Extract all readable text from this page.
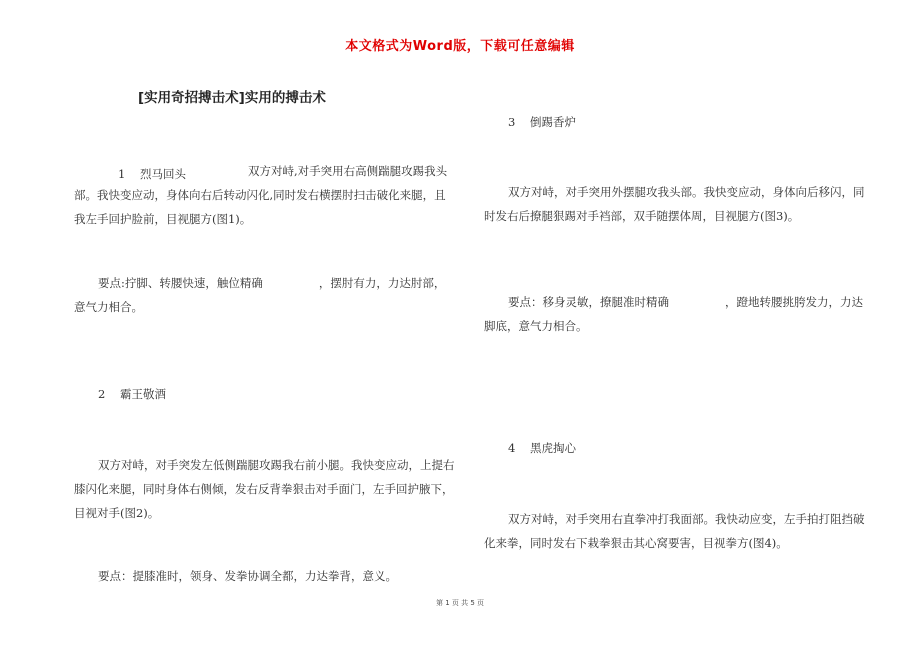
本文格式为Word版，下载可任意编辑
[实用奇招搏击术]实用的搏击术
1 烈马回头	双方对峙,对手突用右高侧踹腿攻踢我头部。我快变应动，身体向右后转动闪化,同时发右横摆肘扫击破化来腿，且我左手回护脸前，目视腿方(图1)。
要点:拧脚、转腰快速，触位精确	，摆肘有力，力达肘部，意气力相合。
2 霸王敬酒
双方对峙，对手突发左低侧踹腿攻踢我右前小腿。我快变应动，上提右膝闪化来腿，同时身体右侧倾，发右反背拳狠击对手面门，左手回护腋下，目视对手(图2)。
要点：提膝准时，领身、发拳协调全都，力达拳背，意义。
3 倒踢香炉
双方对峙，对手突用外摆腿攻我头部。我快变应动，身体向后移闪，同时发右后撩腿狠踢对手裆部，双手随摆体周，目视腿方(图3)。
要点：移身灵敏，撩腿准时精确	，蹬地转腰挑胯发力，力达脚底，意气力相合。
4 黑虎掏心
双方对峙，对手突用右直拳冲打我面部。我快动应变，左手拍打阻挡破化来拳，同时发右下栽拳狠击其心窝要害，目视拳方(图4)。
第 1 页 共 5 页
